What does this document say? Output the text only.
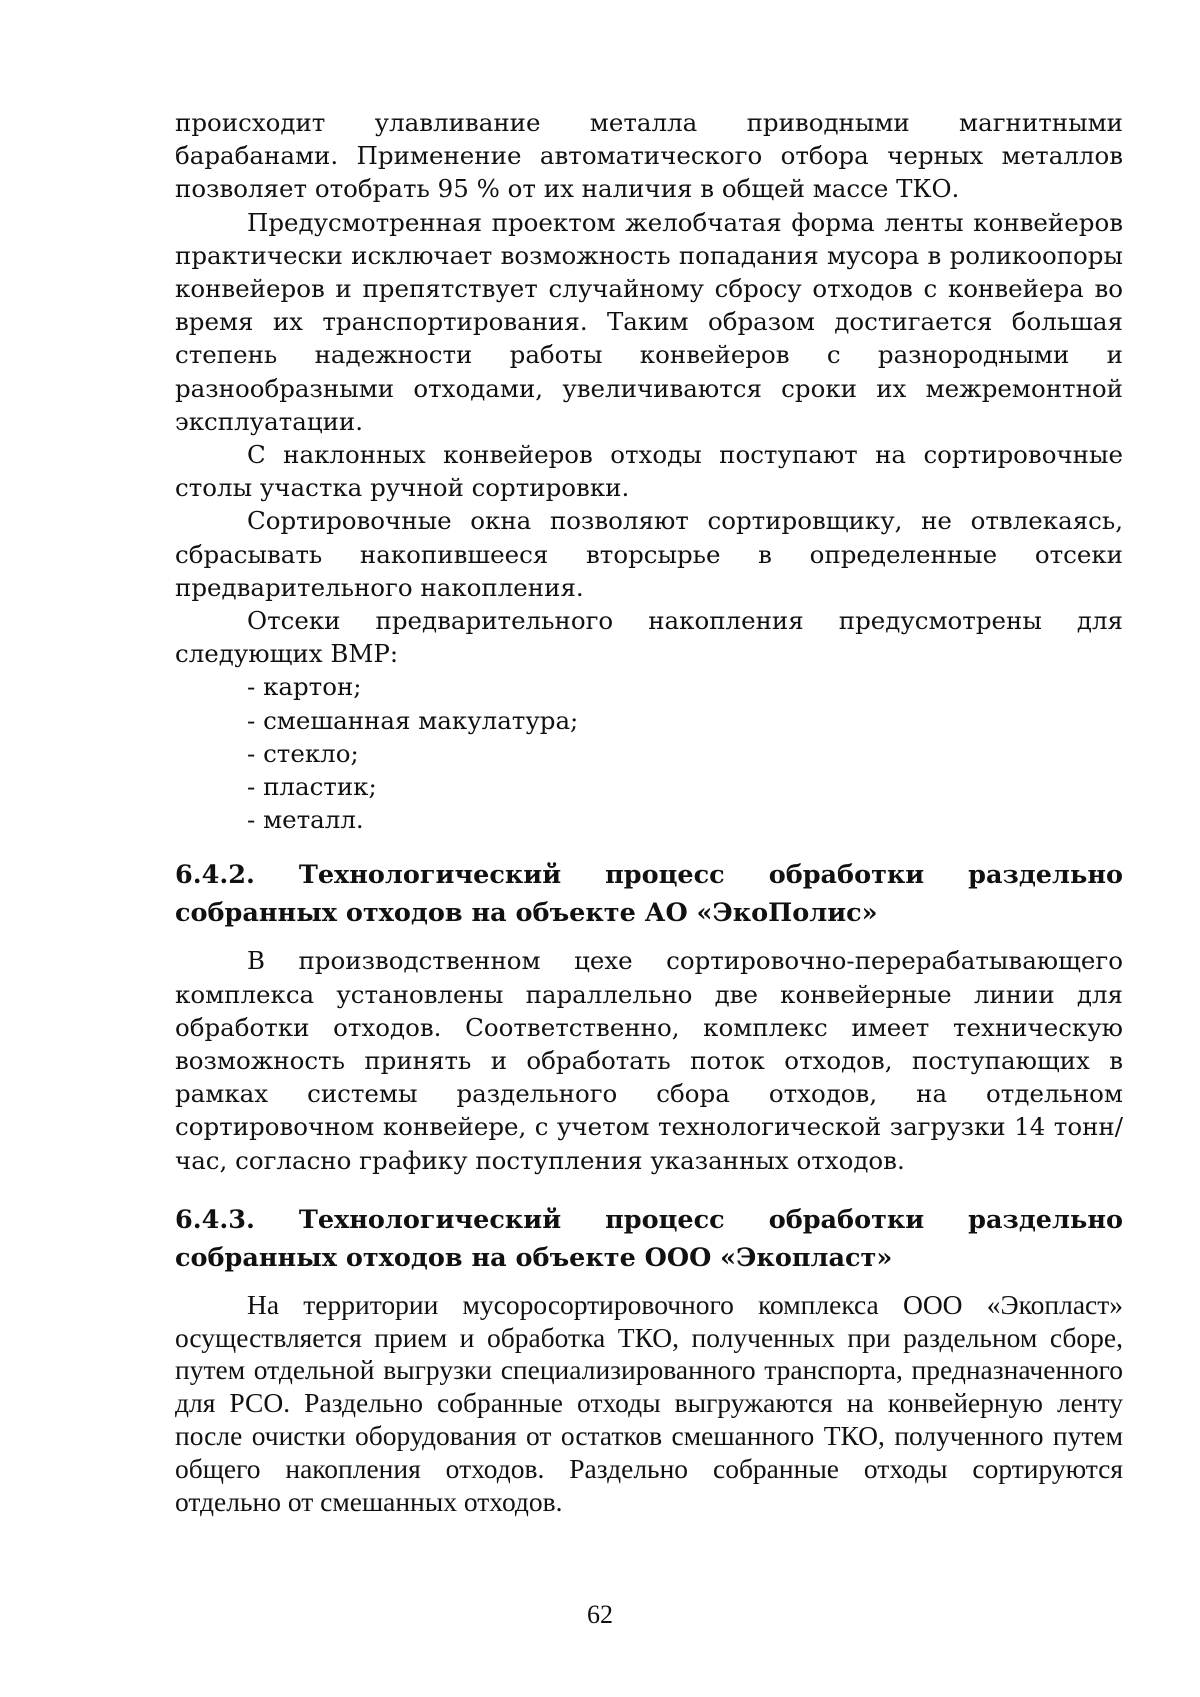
происходит улавливание металла приводными магнитными барабанами. Применение автоматического отбора черных металлов позволяет отобрать 95 % от их наличия в общей массе ТКО.

Предусмотренная проектом желобчатая форма ленты конвейеров практически исключает возможность попадания мусора в роликоопоры конвейеров и препятствует случайному сбросу отходов с конвейера во время их транспортирования. Таким образом достигается большая степень надежности работы конвейеров с разнородными и разнообразными отходами, увеличиваются сроки их межремонтной эксплуатации.

С наклонных конвейеров отходы поступают на сортировочные столы участка ручной сортировки.

Сортировочные окна позволяют сортировщику, не отвлекаясь, сбрасывать накопившееся вторсырье в определенные отсеки предварительного накопления.

Отсеки предварительного накопления предусмотрены для следующих ВМР:

- картон;
- смешанная макулатура;
- стекло;
- пластик;
- металл.
6.4.2. Технологический процесс обработки раздельно собранных отходов на объекте АО «ЭкоПолис»

В производственном цехе сортировочно-перерабатывающего комплекса установлены параллельно две конвейерные линии для обработки отходов. Соответственно, комплекс имеет техническую возможность принять и обработать поток отходов, поступающих в рамках системы раздельного сбора отходов, на отдельном сортировочном конвейере, с учетом технологической загрузки 14 тонн/час, согласно графику поступления указанных отходов.

6.4.3. Технологический процесс обработки раздельно собранных отходов на объекте ООО «Экопласт»

На территории мусоросортировочного комплекса ООО «Экопласт» осуществляется прием и обработка ТКО, полученных при раздельном сборе, путем отдельной выгрузки специализированного транспорта, предназначенного для РСО. Раздельно собранные отходы выгружаются на конвейерную ленту после очистки оборудования от остатков смешанного ТКО, полученного путем общего накопления отходов. Раздельно собранные отходы сортируются отдельно от смешанных отходов.

62
